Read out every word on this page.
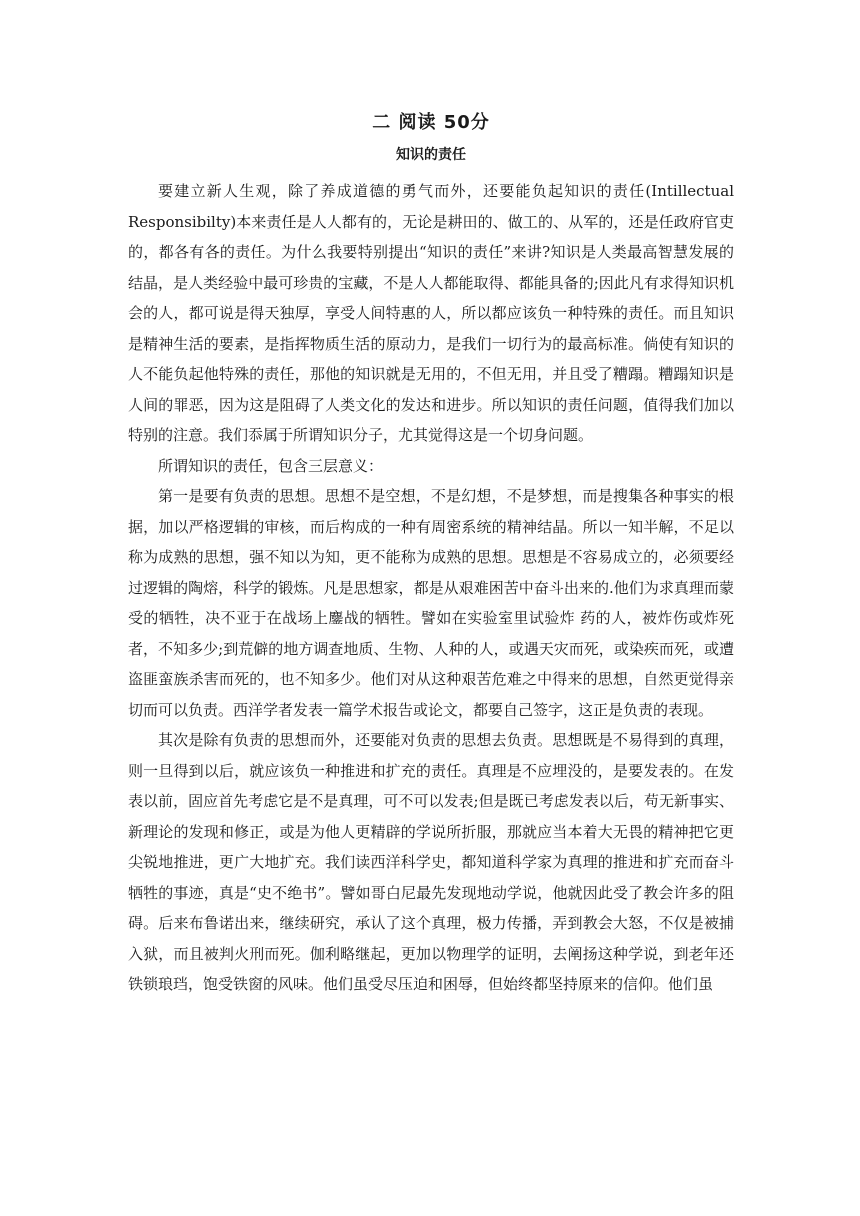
二 阅读 50分
知识的责任

要建立新人生观，除了养成道德的勇气而外，还要能负起知识的责任(Intillectual Responsibilty)本来责任是人人都有的，无论是耕田的、做工的、从军的，还是任政府官吏的，都各有各的责任。为什么我要特别提出“知识的责任”来讲?知识是人类最高智慧发展的结晶，是人类经验中最可珍贵的宝藏，不是人人都能取得、都能具备的;因此凡有求得知识机会的人，都可说是得天独厚，享受人间特惠的人，所以都应该负一种特殊的责任。而且知识是精神生活的要素，是指挥物质生活的原动力，是我们一切行为的最高标准。倘使有知识的人不能负起他特殊的责任，那他的知识就是无用的，不但无用，并且受了糟蹋。糟蹋知识是人间的罪恶，因为这是阻碍了人类文化的发达和进步。所以知识的责任问题，值得我们加以特别的注意。我们忝属于所谓知识分子，尤其觉得这是一个切身问题。

所谓知识的责任，包含三层意义：

第一是要有负责的思想。思想不是空想，不是幻想，不是梦想，而是搜集各种事实的根据，加以严格逻辑的审核，而后构成的一种有周密系统的精神结晶。所以一知半解，不足以称为成熟的思想，强不知以为知，更不能称为成熟的思想。思想是不容易成立的，必须要经过逻辑的陶熔，科学的锻炼。凡是思想家，都是从艰难困苦中奋斗出来的.他们为求真理而蒙受的牺牲，决不亚于在战场上鏖战的牺牲。譬如在实验室里试验炸 药的人，被炸伤或炸死者，不知多少;到荒僻的地方调查地质、生物、人种的人，或遇天灾而死，或染疾而死，或遭盗匪蛮族杀害而死的，也不知多少。他们对从这种艰苦危难之中得来的思想，自然更觉得亲切而可以负责。西洋学者发表一篇学术报告或论文，都要自己签字，这正是负责的表现。

其次是除有负责的思想而外，还要能对负责的思想去负责。思想既是不易得到的真理，则一旦得到以后，就应该负一种推进和扩充的责任。真理是不应埋没的，是要发表的。在发表以前，固应首先考虑它是不是真理，可不可以发表;但是既已考虑发表以后，苟无新事实、新理论的发现和修正，或是为他人更精辟的学说所折服，那就应当本着大无畏的精神把它更尖锐地推进，更广大地扩充。我们读西洋科学史，都知道科学家为真理的推进和扩充而奋斗牺牲的事迹，真是“史不绝书”。譬如哥白尼最先发现地动学说，他就因此受了教会许多的阻碍。后来布鲁诺出来，继续研究，承认了这个真理，极力传播，弄到教会大怒，不仅是被捕入狱，而且被判火刑而死。伽利略继起，更加以物理学的证明，去阐扬这种学说，到老年还铁锁琅珰，饱受铁窗的风味。他们虽受尽压迫和困辱，但始终都坚持原来的信仰。他们虽
